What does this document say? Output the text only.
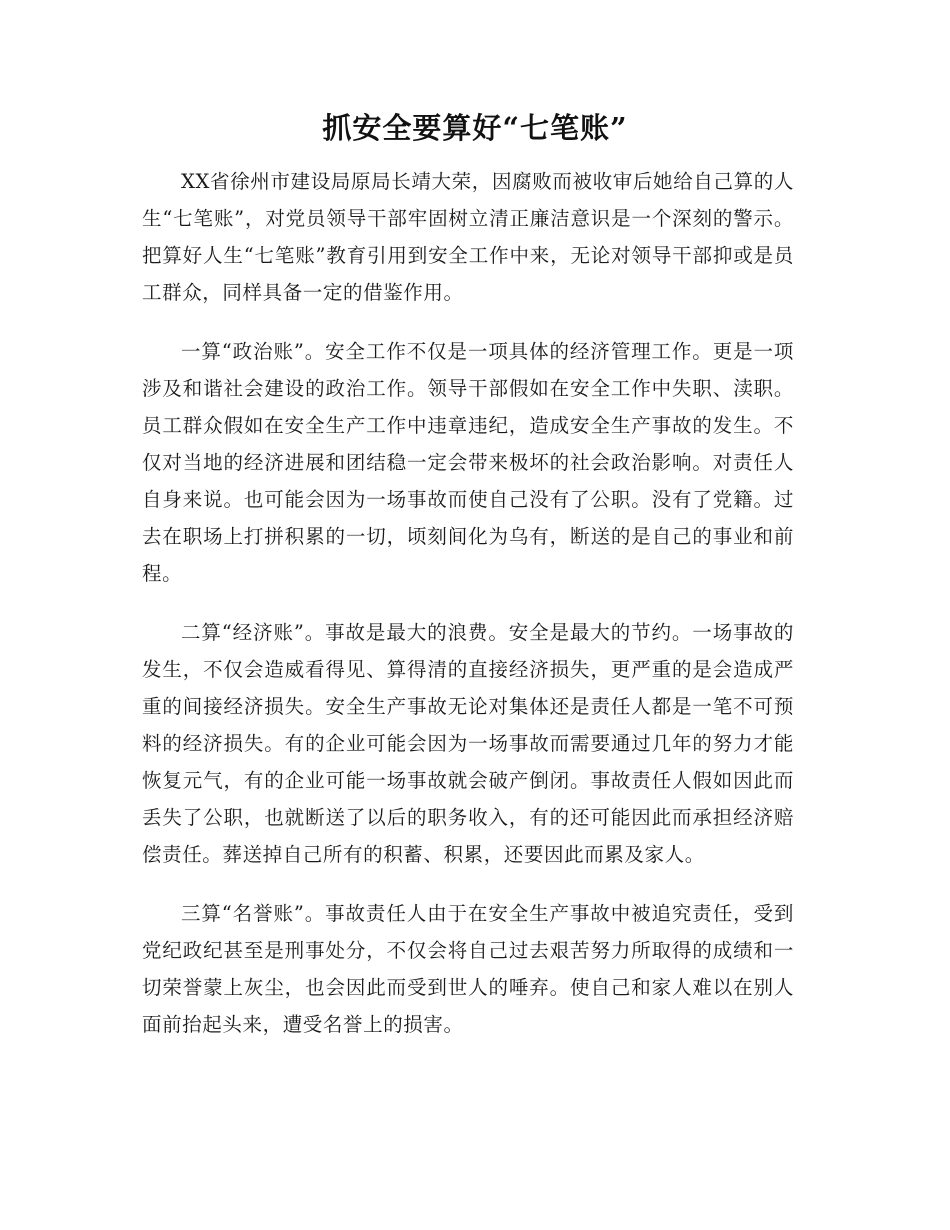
抓安全要算好“七笔账”

XX省徐州市建设局原局长靖大荣，因腐败而被收审后她给自己算的人生“七笔账”，对党员领导干部牢固树立清正廉洁意识是一个深刻的警示。把算好人生“七笔账”教育引用到安全工作中来，无论对领导干部抑或是员工群众，同样具备一定的借鉴作用。

一算“政治账”。安全工作不仅是一项具体的经济管理工作。更是一项涉及和谐社会建设的政治工作。领导干部假如在安全工作中失职、渎职。员工群众假如在安全生产工作中违章违纪，造成安全生产事故的发生。不仅对当地的经济进展和团结稳一定会带来极坏的社会政治影响。对责任人自身来说。也可能会因为一场事故而使自己没有了公职。没有了党籍。过去在职场上打拼积累的一切，顷刻间化为乌有，断送的是自己的事业和前程。

二算“经济账”。事故是最大的浪费。安全是最大的节约。一场事故的发生，不仅会造威看得见、算得清的直接经济损失，更严重的是会造成严重的间接经济损失。安全生产事故无论对集体还是责任人都是一笔不可预料的经济损失。有的企业可能会因为一场事故而需要通过几年的努力才能恢复元气，有的企业可能一场事故就会破产倒闭。事故责任人假如因此而丢失了公职，也就断送了以后的职务收入，有的还可能因此而承担经济赔偿责任。葬送掉自己所有的积蓄、积累，还要因此而累及家人。

三算“名誉账”。事故责任人由于在安全生产事故中被追究责任，受到党纪政纪甚至是刑事处分，不仅会将自己过去艰苦努力所取得的成绩和一切荣誉蒙上灰尘，也会因此而受到世人的唾弃。使自己和家人难以在别人面前抬起头来，遭受名誉上的损害。
